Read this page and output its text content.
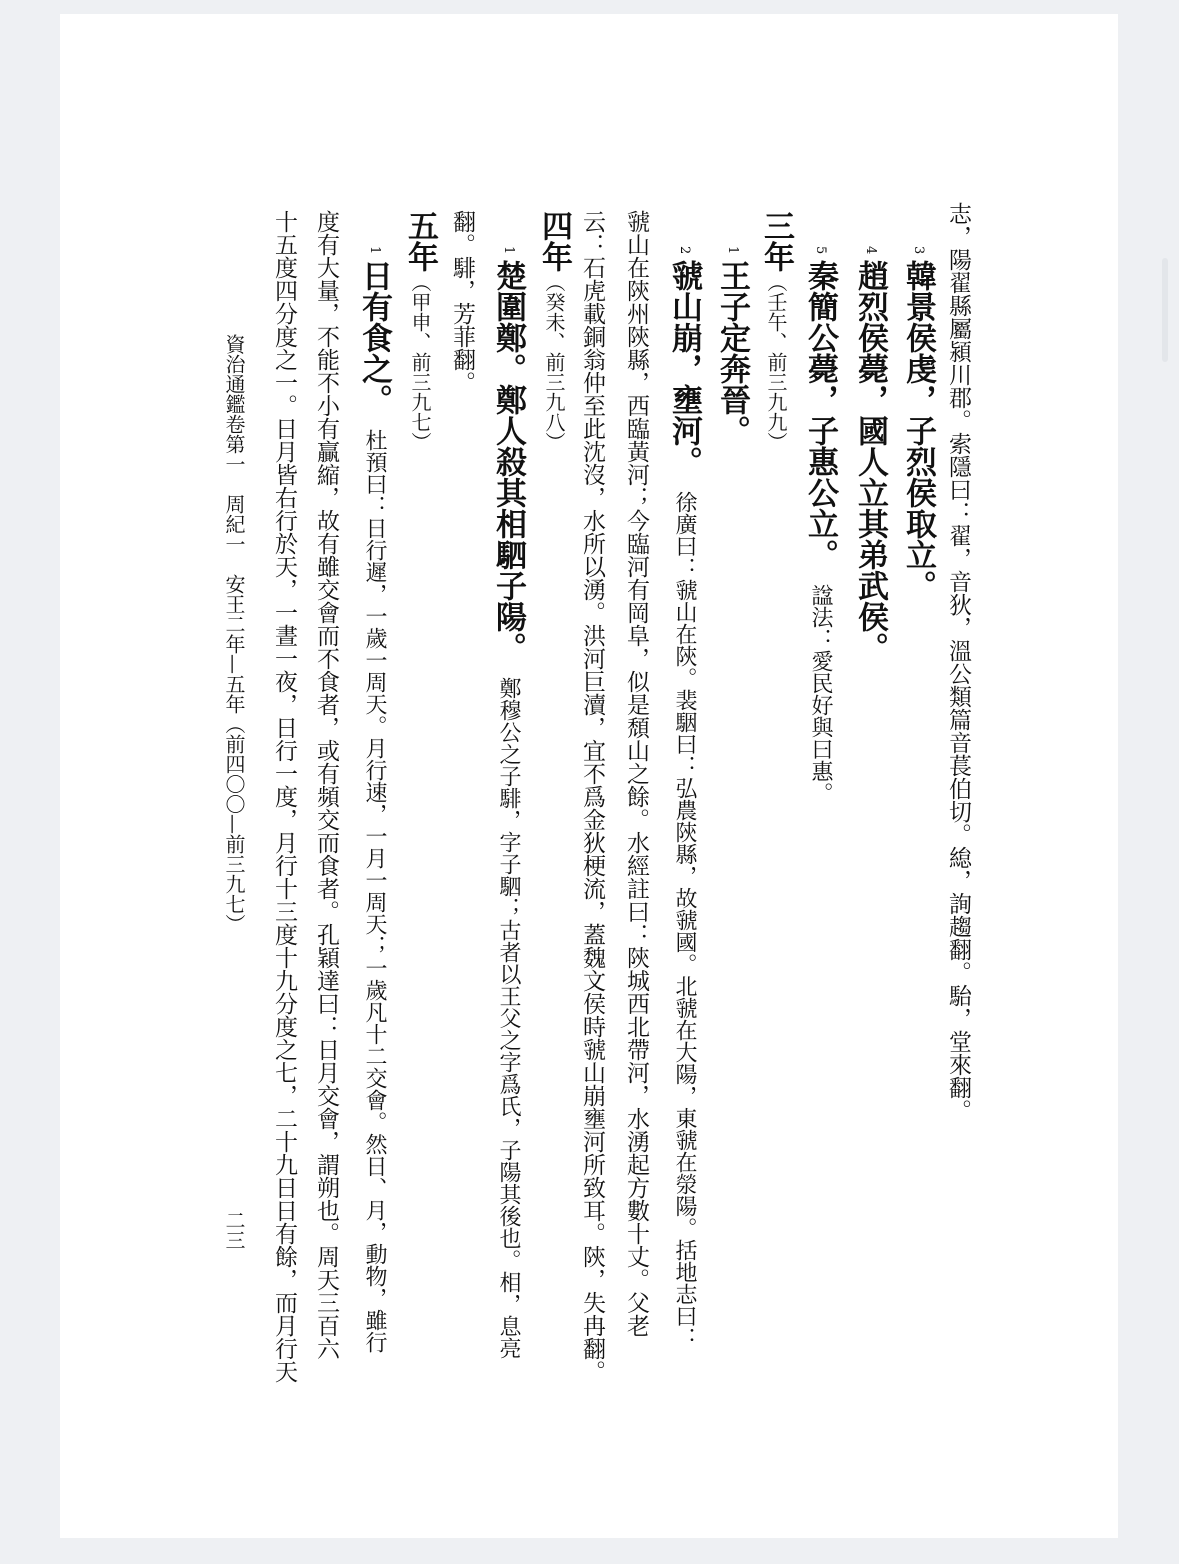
志，陽翟縣屬潁川郡。索隱曰：翟，音狄，溫公類篇音萇伯切。緿，詢趨翻。駘，堂來翻。
3韓景侯虔，子烈侯取立。
4趙烈侯薨，國人立其弟武侯。
5秦簡公薨，子惠公立。諡法：愛民好與曰惠。
三年（壬午、前三九九）
1王子定奔晉。
2虢山崩，壅河。徐廣曰：虢山在陝。裴駰曰：弘農陝縣，故虢國。北虢在大陽，東虢在滎陽。括地志曰：
虢山在陝州陝縣，西臨黃河；今臨河有岡阜，似是頹山之餘。水經註曰：陝城西北帶河，水湧起方數十丈。父老
云：石虎載銅翁仲至此沈沒，水所以湧。洪河巨瀆，宜不爲金狄梗流，蓋魏文侯時虢山崩壅河所致耳。陝，失冉翻。
四年（癸未、前三九八）
1楚圍鄭。鄭人殺其相駟子陽。鄭穆公之子騑，字子駟；古者以王父之字爲氏，子陽其後也。相，息亮
翻。騑，芳菲翻。
五年（甲申、前三九七）
1日有食之。杜預曰：日行遲，一歲一周天。月行速，一月一周天；一歲凡十二交會。然日、月，動物，雖行
度有大量，不能不小有贏縮，故有雖交會而不食者，或有頻交而食者。孔穎達曰：日月交會，謂朔也。周天三百六
十五度四分度之一。日月皆右行於天，一晝一夜，日行一度，月行十三度十九分度之七，二十九日日有餘，而月行天
資治通鑑卷第一　周紀一　安王二年—五年（前四〇〇—前三九七）
二三
